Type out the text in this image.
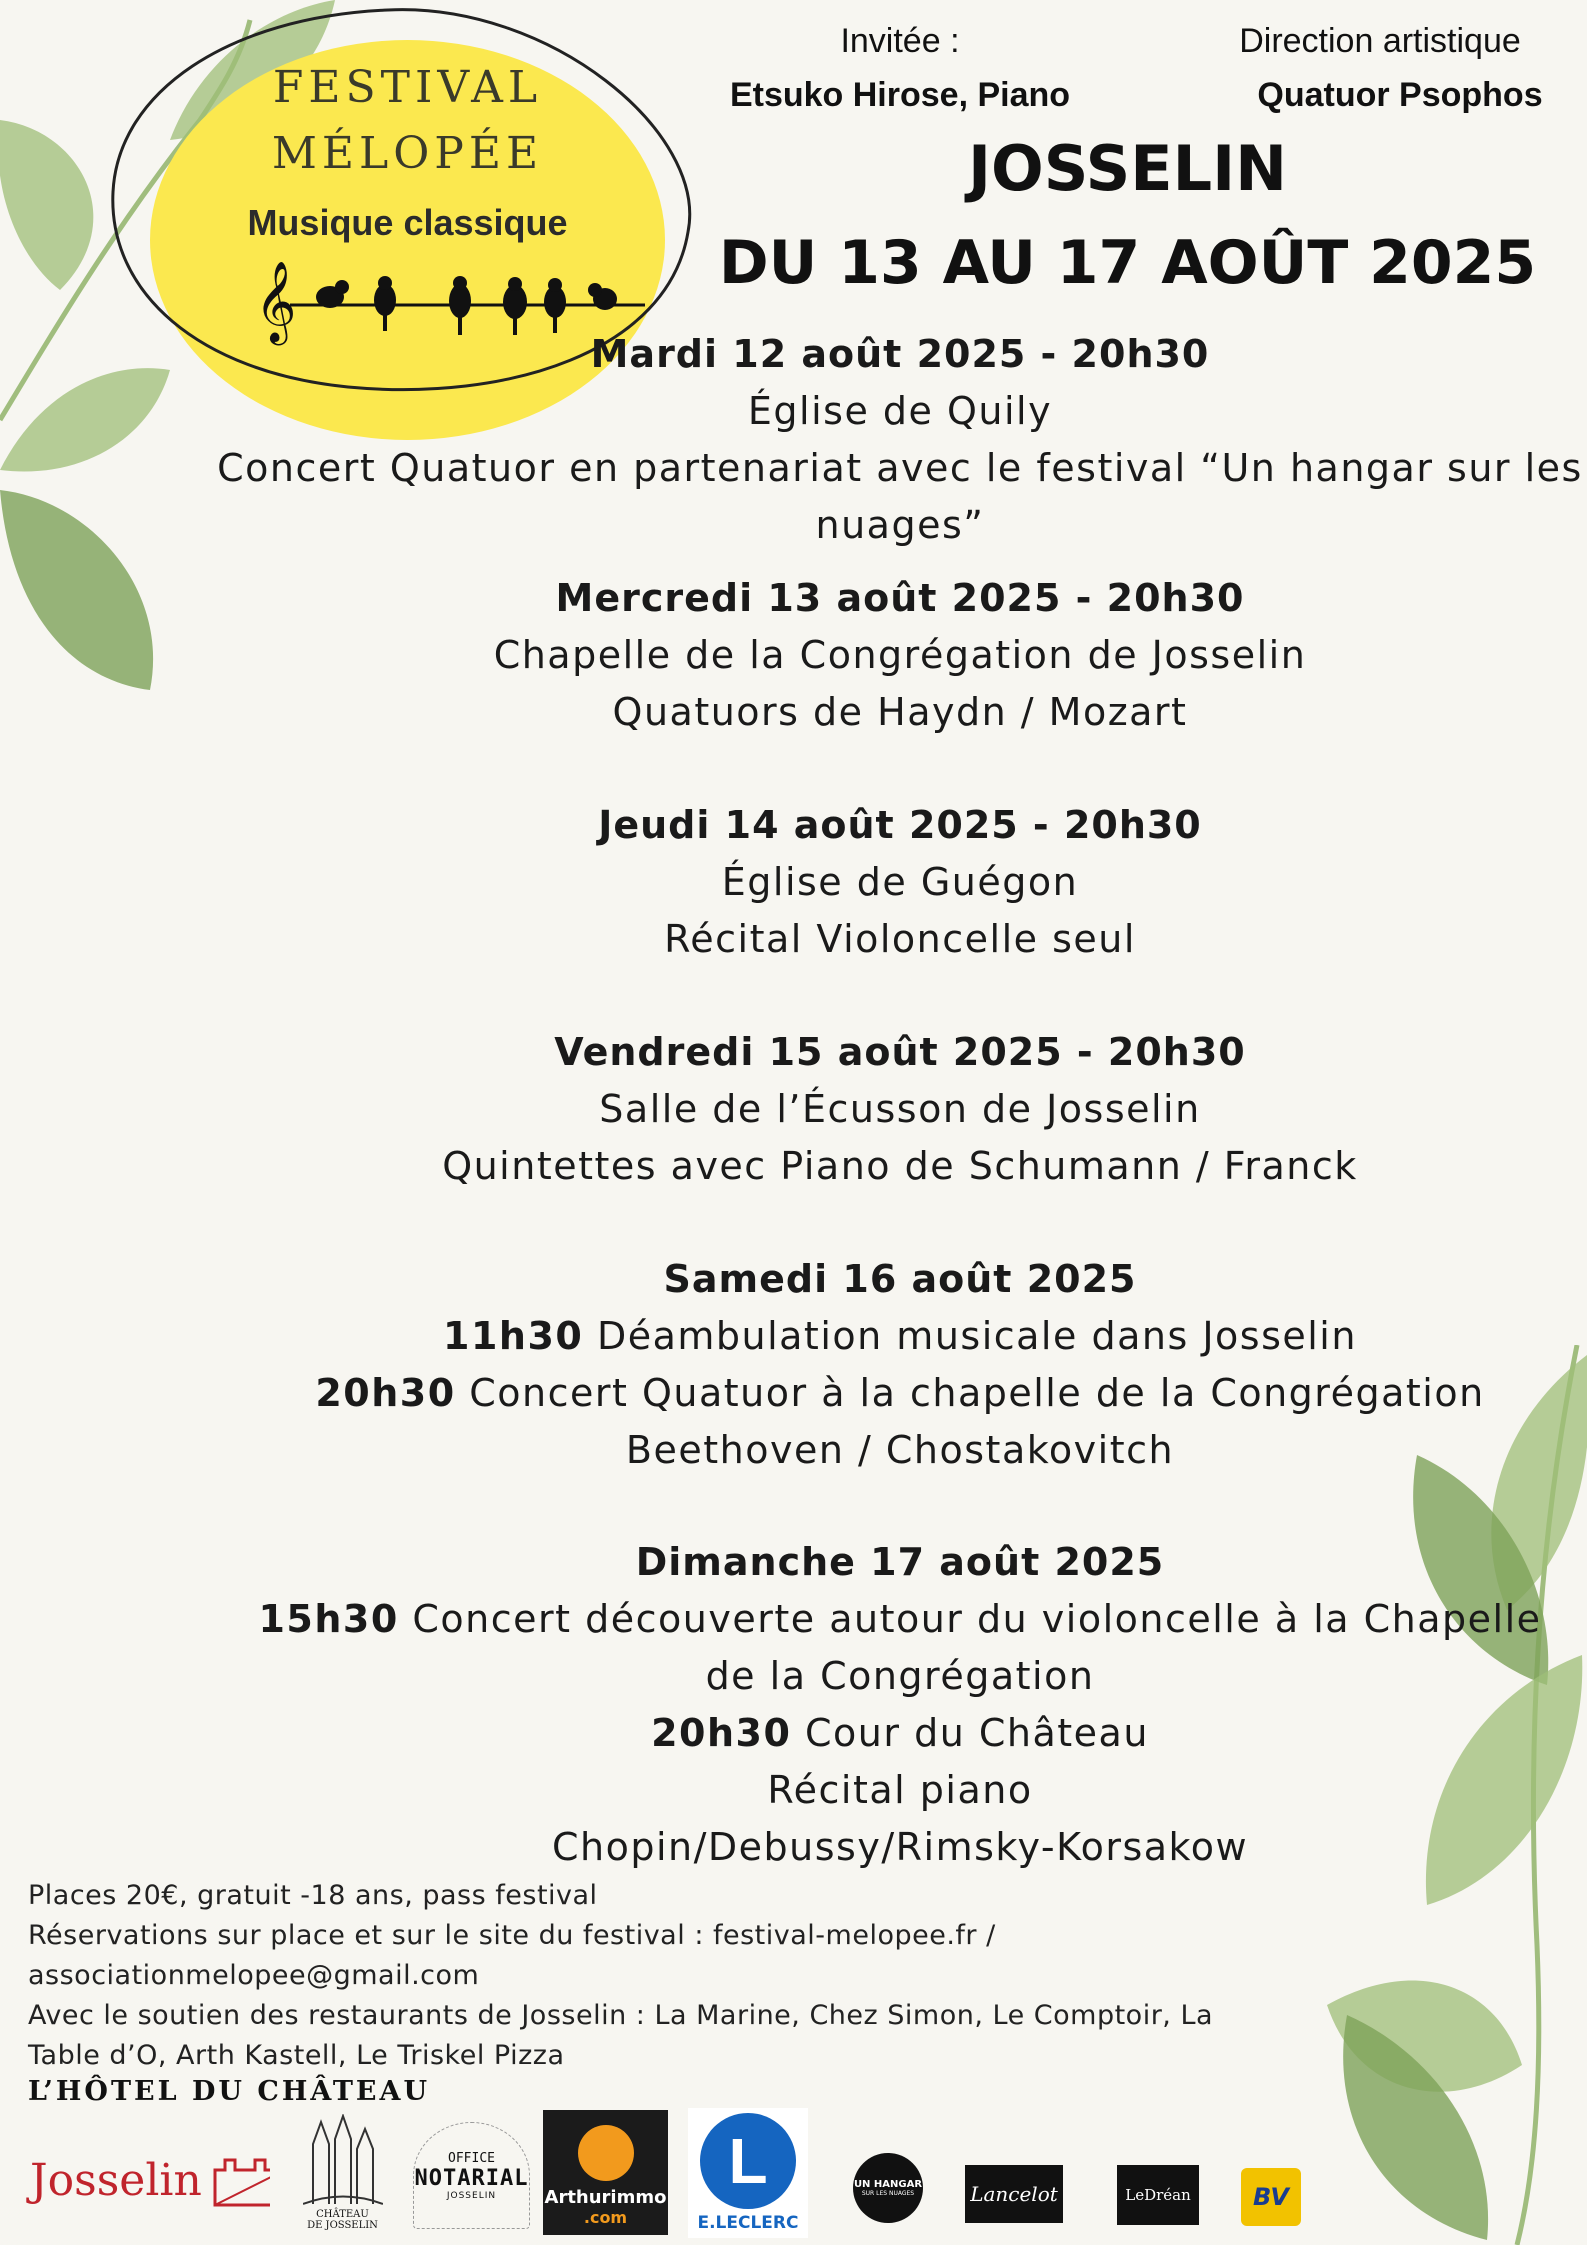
FESTIVAL
MÉLOPÉE
Musique classique
𝄞
Invitée :
Etsuko Hirose, Piano
Direction artistique
Quatuor Psophos
JOSSELIN
DU 13 AU 17 AOÛT 2025
Mardi 12 août 2025 - 20h30
Église de Quily
Concert Quatuor en partenariat avec le festival “Un hangar sur les
nuages”
Mercredi 13 août 2025 - 20h30
Chapelle de la Congrégation de Josselin
Quatuors de Haydn / Mozart
Jeudi 14 août 2025 - 20h30
Église de Guégon
Récital Violoncelle seul
Vendredi 15 août 2025 - 20h30
Salle de l’Écusson de Josselin
Quintettes avec Piano de Schumann / Franck
Samedi 16 août 2025
11h30 Déambulation musicale dans Josselin
20h30 Concert Quatuor à la chapelle de la Congrégation
Beethoven / Chostakovitch
Dimanche 17 août 2025
15h30 Concert découverte autour du violoncelle à la Chapelle
de la Congrégation
20h30 Cour du Château
Récital piano
Chopin/Debussy/Rimsky-Korsakow

Places 20€, gratuit -18 ans, pass festival

Réservations sur place et sur le site du festival : festival-melopee.fr /

associationmelopee@gmail.com

Avec le soutien des restaurants de Josselin : La Marine, Chez Simon, Le Comptoir, La

Table d’O, Arth Kastell, Le Triskel Pizza

L’HÔTEL DU CHÂTEAU
Josselin
CHÂTEAU
DE JOSSELIN
OFFICE
NOTARIAL
JOSSELIN	Arthurimmo
.com
L
E.LECLERC
UN HANGAR
SUR LES NUAGES	Lancelot	LeDréan	BV
